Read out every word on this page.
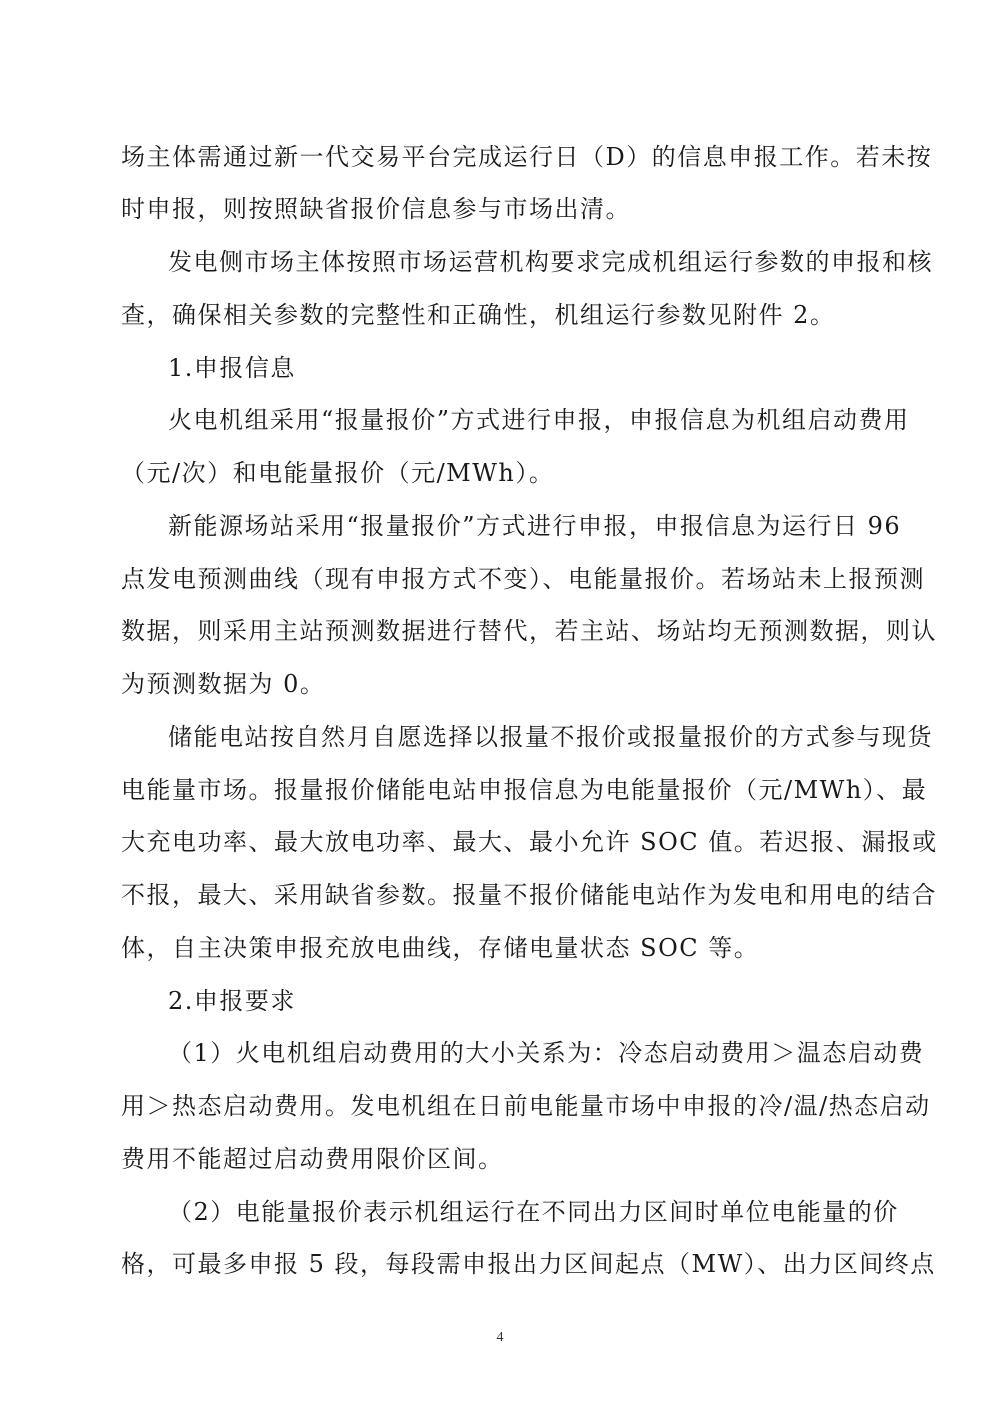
场主体需通过新一代交易平台完成运行日（D）的信息申报工作。若未按
时申报，则按照缺省报价信息参与市场出清。
发电侧市场主体按照市场运营机构要求完成机组运行参数的申报和核
查，确保相关参数的完整性和正确性，机组运行参数见附件 2。
1.申报信息
火电机组采用“报量报价”方式进行申报，申报信息为机组启动费用
（元/次）和电能量报价（元/MWh）。
新能源场站采用“报量报价”方式进行申报，申报信息为运行日 96
点发电预测曲线（现有申报方式不变）、电能量报价。若场站未上报预测
数据，则采用主站预测数据进行替代，若主站、场站均无预测数据，则认
为预测数据为 0。
储能电站按自然月自愿选择以报量不报价或报量报价的方式参与现货
电能量市场。报量报价储能电站申报信息为电能量报价（元/MWh）、最
大充电功率、最大放电功率、最大、最小允许 SOC 值。若迟报、漏报或
不报，最大、采用缺省参数。报量不报价储能电站作为发电和用电的结合
体，自主决策申报充放电曲线，存储电量状态 SOC 等。
2.申报要求
（1）火电机组启动费用的大小关系为：冷态启动费用＞温态启动费
用＞热态启动费用。发电机组在日前电能量市场中申报的冷/温/热态启动
费用不能超过启动费用限价区间。
（2）电能量报价表示机组运行在不同出力区间时单位电能量的价
格，可最多申报 5 段，每段需申报出力区间起点（MW）、出力区间终点
4
